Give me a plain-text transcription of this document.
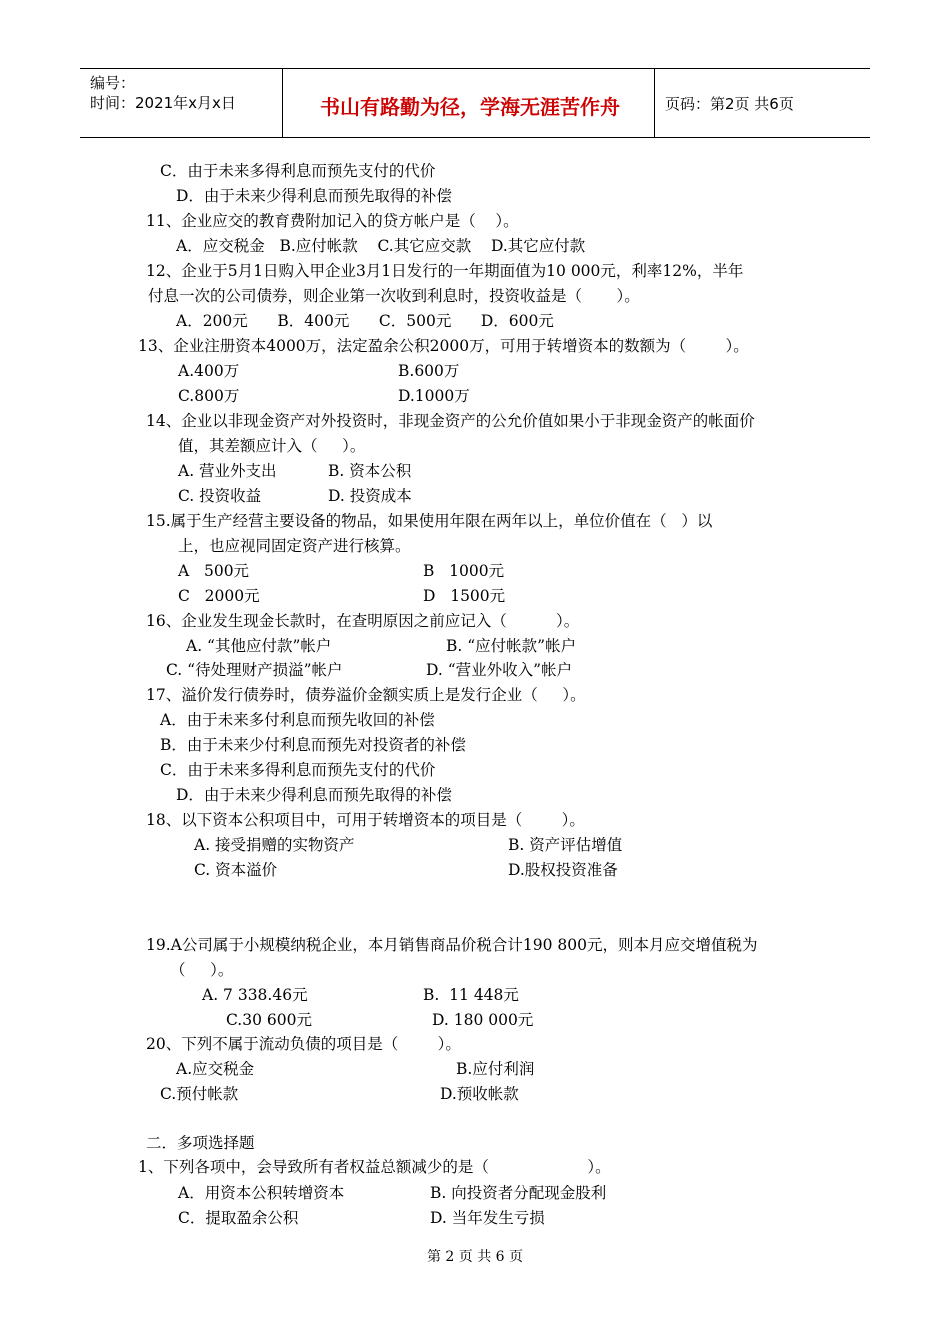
编号：
时间：2021年x月x日	书山有路勤为径，学海无涯苦作舟	页码：第2页 共6页
C．由于未来多得利息而预先支付的代价
D．由于未来少得利息而预先取得的补偿
11、企业应交的教育费附加记入的贷方帐户是（    ）。
A．应交税金   B.应付帐款    C.其它应交款    D.其它应付款
12、企业于5月1日购入甲企业3月1日发行的一年期面值为10 000元，利率12%，半年
付息一次的公司债券，则企业第一次收到利息时，投资收益是（       ）。
A．200元      B．400元      C．500元      D．600元
13、企业注册资本4000万，法定盈余公积2000万，可用于转增资本的数额为（        ）。
A.400万	B.600万
C.800万	D.1000万
14、企业以非现金资产对外投资时，非现金资产的公允价值如果小于非现金资产的帐面价
值，其差额应计入（     ）。
A. 营业外支出	B. 资本公积
C. 投资收益	D. 投资成本
15.属于生产经营主要设备的物品，如果使用年限在两年以上，单位价值在（   ）以
上，也应视同固定资产进行核算。
A   500元	B   1000元
C   2000元	D   1500元
16、企业发生现金长款时，在查明原因之前应记入（          ）。
A. “其他应付款”帐户	B. “应付帐款”帐户
C. “待处理财产损溢”帐户	D. “营业外收入”帐户
17、溢价发行债券时，债券溢价金额实质上是发行企业（     ）。
A．由于未来多付利息而预先收回的补偿
B．由于未来少付利息而预先对投资者的补偿
C．由于未来多得利息而预先支付的代价
D．由于未来少得利息而预先取得的补偿
18、以下资本公积项目中，可用于转增资本的项目是（        ）。
A. 接受捐赠的实物资产	B. 资产评估增值
C. 资本溢价	D.股权投资准备
19.A公司属于小规模纳税企业，本月销售商品价税合计190 800元，则本月应交增值税为
（     ）。
A. 7 338.46元	B.  11 448元
C.30 600元	D. 180 000元
20、下列不属于流动负债的项目是（        ）。
A.应交税金	B.应付利润
C.预付帐款	D.预收帐款
二．多项选择题
1、下列各项中，会导致所有者权益总额减少的是（                    ）。
A．用资本公积转增资本	B. 向投资者分配现金股利
C．提取盈余公积	D. 当年发生亏损
第 2 页 共 6 页
